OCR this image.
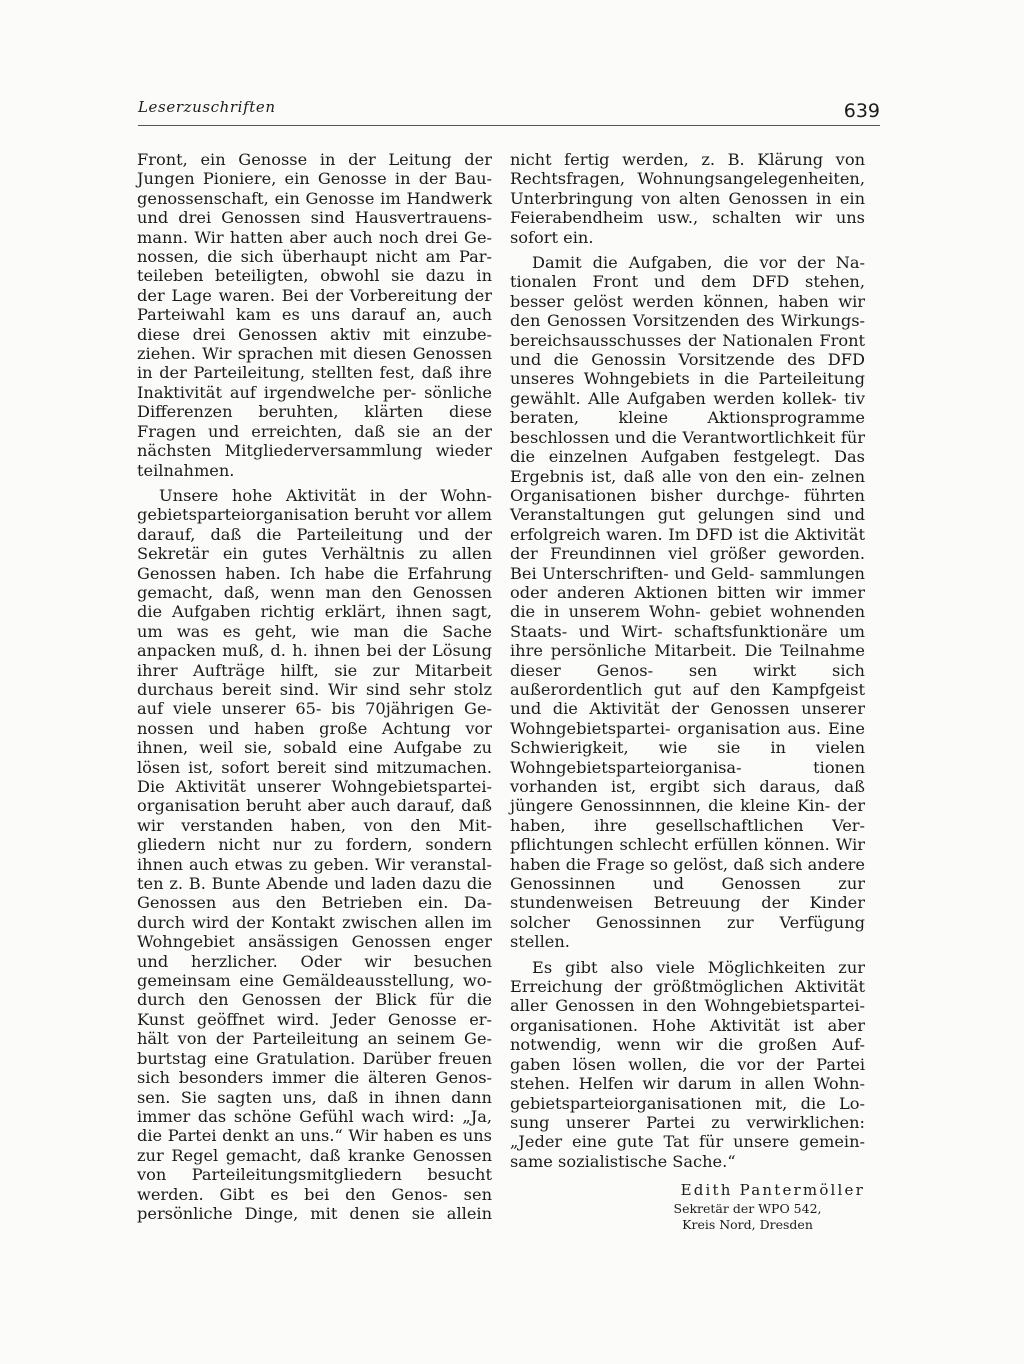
Leserzuschriften	639

Front, ein Genosse in der Leitung der Jungen Pioniere, ein Genosse in der Bau- genossenschaft, ein Genosse im Handwerk und drei Genossen sind Hausvertrauens- mann. Wir hatten aber auch noch drei Ge- nossen, die sich überhaupt nicht am Par- teileben beteiligten, obwohl sie dazu in der Lage waren. Bei der Vorbereitung der Parteiwahl kam es uns darauf an, auch diese drei Genossen aktiv mit einzube- ziehen. Wir sprachen mit diesen Genossen in der Parteileitung, stellten fest, daß ihre Inaktivität auf irgendwelche per- sönliche Differenzen beruhten, klärten diese Fragen und erreichten, daß sie an der nächsten Mitgliederversammlung wieder teilnahmen.

Unsere hohe Aktivität in der Wohn- gebietsparteiorganisation beruht vor allem darauf, daß die Parteileitung und der Sekretär ein gutes Verhältnis zu allen Genossen haben. Ich habe die Erfahrung gemacht, daß, wenn man den Genossen die Aufgaben richtig erklärt, ihnen sagt, um was es geht, wie man die Sache anpacken muß, d. h. ihnen bei der Lösung ihrer Aufträge hilft, sie zur Mitarbeit durchaus bereit sind. Wir sind sehr stolz auf viele unserer 65- bis 70jährigen Ge- nossen und haben große Achtung vor ihnen, weil sie, sobald eine Aufgabe zu lösen ist, sofort bereit sind mitzumachen. Die Aktivität unserer Wohngebietspartei- organisation beruht aber auch darauf, daß wir verstanden haben, von den Mit- gliedern nicht nur zu fordern, sondern ihnen auch etwas zu geben. Wir veranstal- ten z. B. Bunte Abende und laden dazu die Genossen aus den Betrieben ein. Da- durch wird der Kontakt zwischen allen im Wohngebiet ansässigen Genossen enger und herzlicher. Oder wir besuchen gemeinsam eine Gemäldeausstellung, wo- durch den Genossen der Blick für die Kunst geöffnet wird. Jeder Genosse er- hält von der Parteileitung an seinem Ge- burtstag eine Gratulation. Darüber freuen sich besonders immer die älteren Genos- sen. Sie sagten uns, daß in ihnen dann immer das schöne Gefühl wach wird: „Ja, die Partei denkt an uns.“ Wir haben es uns zur Regel gemacht, daß kranke Genossen von Parteileitungsmitgliedern besucht werden. Gibt es bei den Genos- sen persönliche Dinge, mit denen sie allein

nicht fertig werden, z. B. Klärung von Rechtsfragen, Wohnungsangelegenheiten, Unterbringung von alten Genossen in ein Feierabendheim usw., schalten wir uns sofort ein.

Damit die Aufgaben, die vor der Na- tionalen Front und dem DFD stehen, besser gelöst werden können, haben wir den Genossen Vorsitzenden des Wirkungs- bereichsausschusses der Nationalen Front und die Genossin Vorsitzende des DFD unseres Wohngebiets in die Parteileitung gewählt. Alle Aufgaben werden kollek- tiv beraten, kleine Aktionsprogramme beschlossen und die Verantwortlichkeit für die einzelnen Aufgaben festgelegt. Das Ergebnis ist, daß alle von den ein- zelnen Organisationen bisher durchge- führten Veranstaltungen gut gelungen sind und erfolgreich waren. Im DFD ist die Aktivität der Freundinnen viel größer geworden. Bei Unterschriften- und Geld- sammlungen oder anderen Aktionen bitten wir immer die in unserem Wohn- gebiet wohnenden Staats- und Wirt- schaftsfunktionäre um ihre persönliche Mitarbeit. Die Teilnahme dieser Genos- sen wirkt sich außerordentlich gut auf den Kampfgeist und die Aktivität der Genossen unserer Wohngebietspartei- organisation aus. Eine Schwierigkeit, wie sie in vielen Wohngebietsparteiorganisa- tionen vorhanden ist, ergibt sich daraus, daß jüngere Genossinnnen, die kleine Kin- der haben, ihre gesellschaftlichen Ver- pflichtungen schlecht erfüllen können. Wir haben die Frage so gelöst, daß sich andere Genossinnen und Genossen zur stundenweisen Betreuung der Kinder solcher Genossinnen zur Verfügung stellen.

Es gibt also viele Möglichkeiten zur Erreichung der größtmöglichen Aktivität aller Genossen in den Wohngebietspartei- organisationen. Hohe Aktivität ist aber notwendig, wenn wir die großen Auf- gaben lösen wollen, die vor der Partei stehen. Helfen wir darum in allen Wohn- gebietsparteiorganisationen mit, die Lo- sung unserer Partei zu verwirklichen: „Jeder eine gute Tat für unsere gemein- same sozialistische Sache.“

Edith Pantermöller
Sekretär der WPO 542,
Kreis Nord, Dresden
